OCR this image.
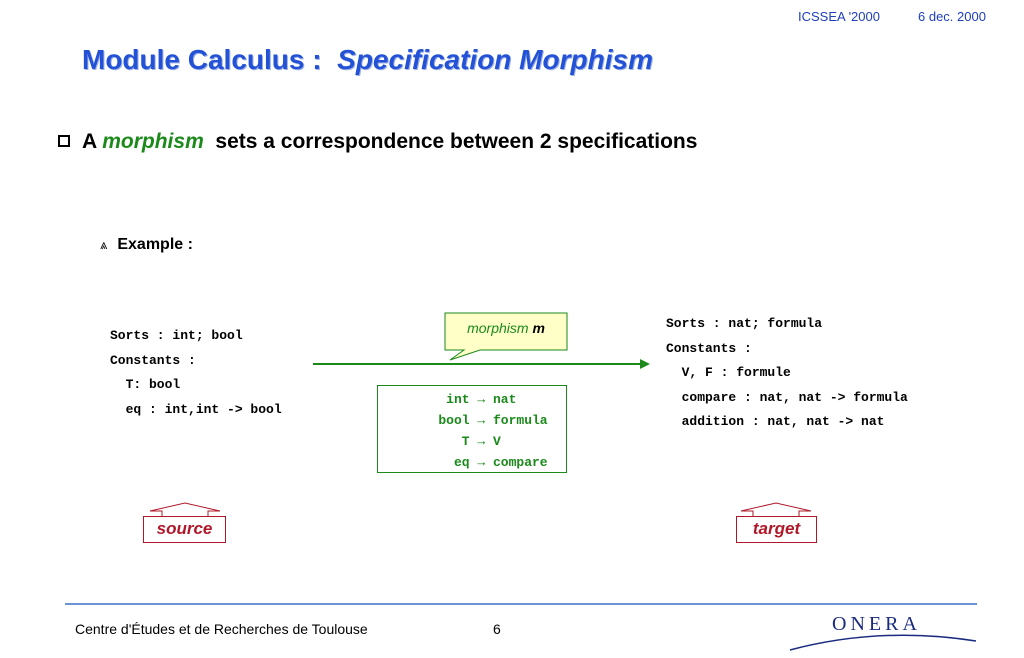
ICSSEA '2000	6 dec. 2000
Module Calculus : Specification Morphism
A morphism sets a correspondence between 2 specifications
⩓ Example :
Sorts : int; bool
Constants :
T: bool
eq : int,int -> bool
Sorts : nat; formula
Constants :
V, F : formule
compare : nat, nat -> formula
addition : nat, nat -> nat
morphism m
int → nat
bool → formula
T → V
eq → compare
source	target
Centre d'Études et de Recherches de Toulouse	6	ONERA
